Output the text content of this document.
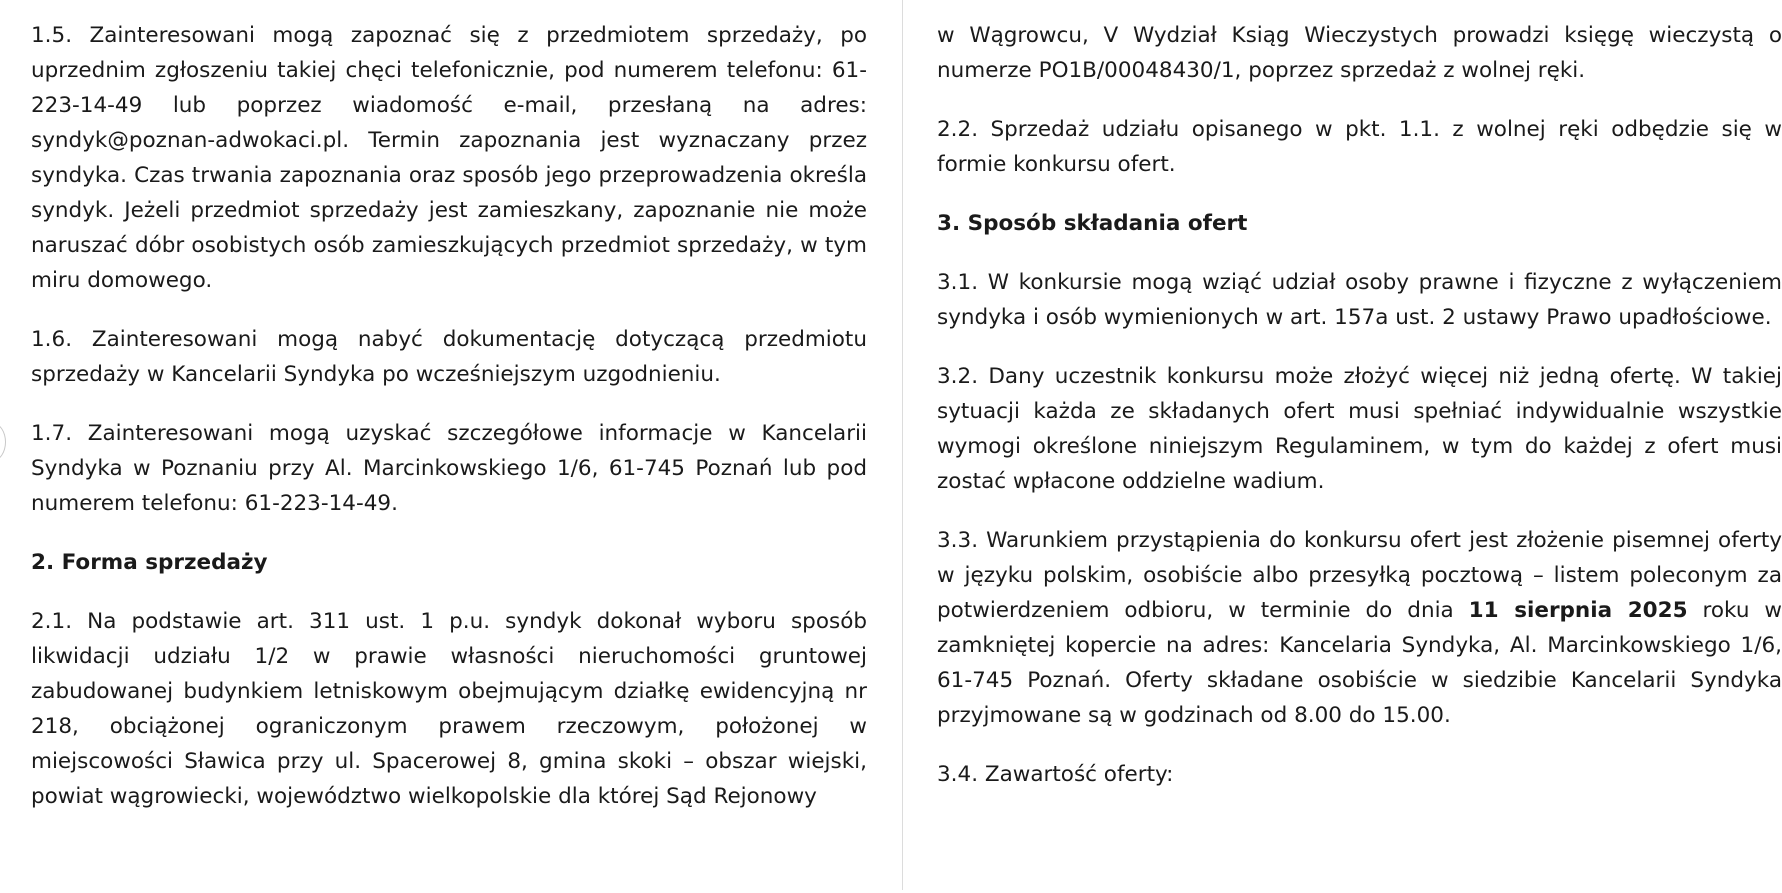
1.5. Zainteresowani mogą zapoznać się z przedmiotem sprzedaży, po uprzednim zgłoszeniu takiej chęci telefonicznie, pod numerem telefonu: 61-223-14-49 lub poprzez wiadomość e-mail, przesłaną na adres: syndyk@poznan-adwokaci.pl. Termin zapoznania jest wyznaczany przez syndyka. Czas trwania zapoznania oraz sposób jego przeprowadzenia określa syndyk. Jeżeli przedmiot sprzedaży jest zamieszkany, zapoznanie nie może naruszać dóbr osobistych osób zamieszkujących przedmiot sprzedaży, w tym miru domowego.

1.6. Zainteresowani mogą nabyć dokumentację dotyczącą przedmiotu sprzedaży w Kancelarii Syndyka po wcześniejszym uzgodnieniu.

1.7. Zainteresowani mogą uzyskać szczegółowe informacje w Kancelarii Syndyka w Poznaniu przy Al. Marcinkowskiego 1/6, 61-745 Poznań lub pod numerem telefonu: 61-223-14-49.

2. Forma sprzedaży

2.1. Na podstawie art. 311 ust. 1 p.u. syndyk dokonał wyboru sposób likwidacji udziału 1/2 w prawie własności nieruchomości gruntowej zabudowanej budynkiem letniskowym obejmującym działkę ewidencyjną nr 218, obciążonej ograniczonym prawem rzeczowym, położonej w miejscowości Sławica przy ul. Spacerowej 8, gmina skoki – obszar wiejski, powiat wągrowiecki, województwo wielkopolskie dla której Sąd Rejonowy

w Wągrowcu, V Wydział Ksiąg Wieczystych prowadzi księgę wieczystą o numerze PO1B/00048430/1, poprzez sprzedaż z wolnej ręki.

2.2. Sprzedaż udziału opisanego w pkt. 1.1. z wolnej ręki odbędzie się w formie konkursu ofert.

3. Sposób składania ofert

3.1. W konkursie mogą wziąć udział osoby prawne i fizyczne z wyłączeniem syndyka i osób wymienionych w art. 157a ust. 2 ustawy Prawo upadłościowe.

3.2. Dany uczestnik konkursu może złożyć więcej niż jedną ofertę. W takiej sytuacji każda ze składanych ofert musi spełniać indywidualnie wszystkie wymogi określone niniejszym Regulaminem, w tym do każdej z ofert musi zostać wpłacone oddzielne wadium.

3.3. Warunkiem przystąpienia do konkursu ofert jest złożenie pisemnej oferty w języku polskim, osobiście albo przesyłką pocztową – listem poleconym za potwierdzeniem odbioru, w terminie do dnia 11 sierpnia 2025 roku w zamkniętej kopercie na adres: Kancelaria Syndyka, Al. Marcinkowskiego 1/6, 61-745 Poznań. Oferty składane osobiście w siedzibie Kancelarii Syndyka przyjmowane są w godzinach od 8.00 do 15.00.

3.4. Zawartość oferty:
